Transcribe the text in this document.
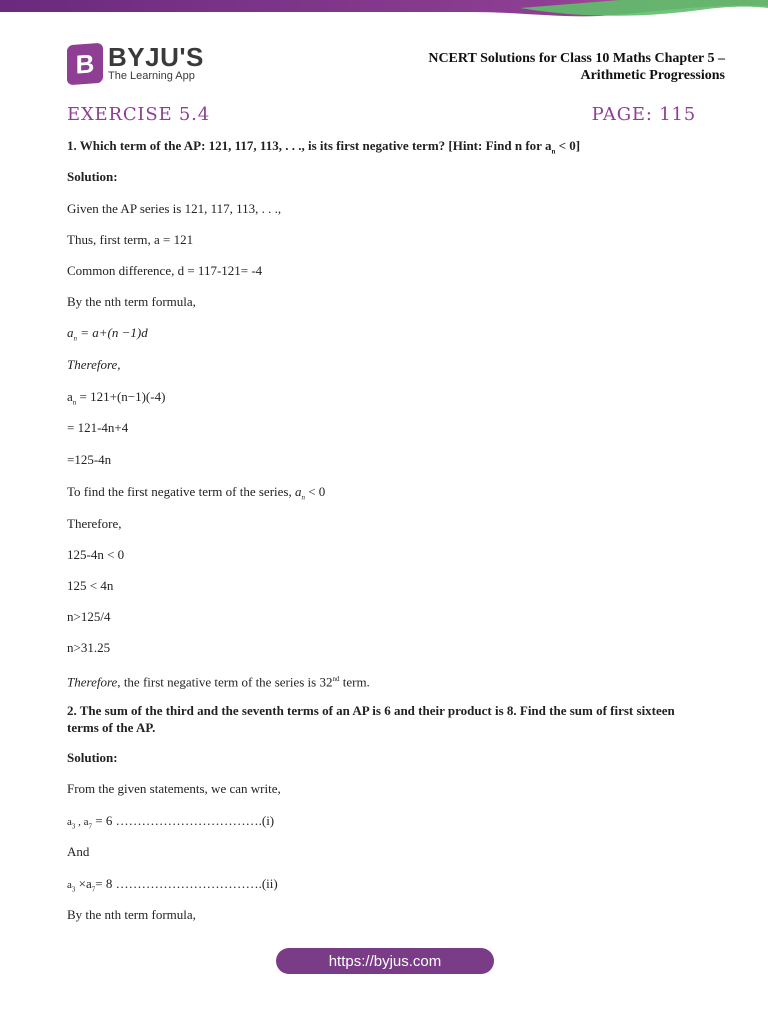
B BYJU'S
The Learning App
NCERT Solutions for Class 10 Maths Chapter 5 –
Arithmetic Progressions
EXERCISE 5.4	PAGE: 115
1. Which term of the AP: 121, 117, 113, . . ., is its first negative term? [Hint: Find n for $a_n < 0$]
Solution:
Given the AP series is 121, 117, 113, . . .,
Thus, first term, a = 121
Common difference, d = 117-121= -4
By the nth term formula,
$a_n = a+(n -1)d$
Therefore,
$a_n = 121+(n-1)(-4)$
= 121-4n+4
=125-4n
To find the first negative term of the series, $a_n < 0$
Therefore,
125-4n < 0
125 < 4n
n>125/4
n>31.25
Therefore, the first negative term of the series is 32nd term.
2. The sum of the third and the seventh terms of an AP is 6 and their product is 8. Find the sum of first sixteen terms of the AP.
Solution:
From the given statements, we can write,
$a_3$ , $a_7 = 6$ …………………………….(i)
And
$a_3 \times a_7= 8$ …………………………….(ii)
By the nth term formula,
https://byjus.com
